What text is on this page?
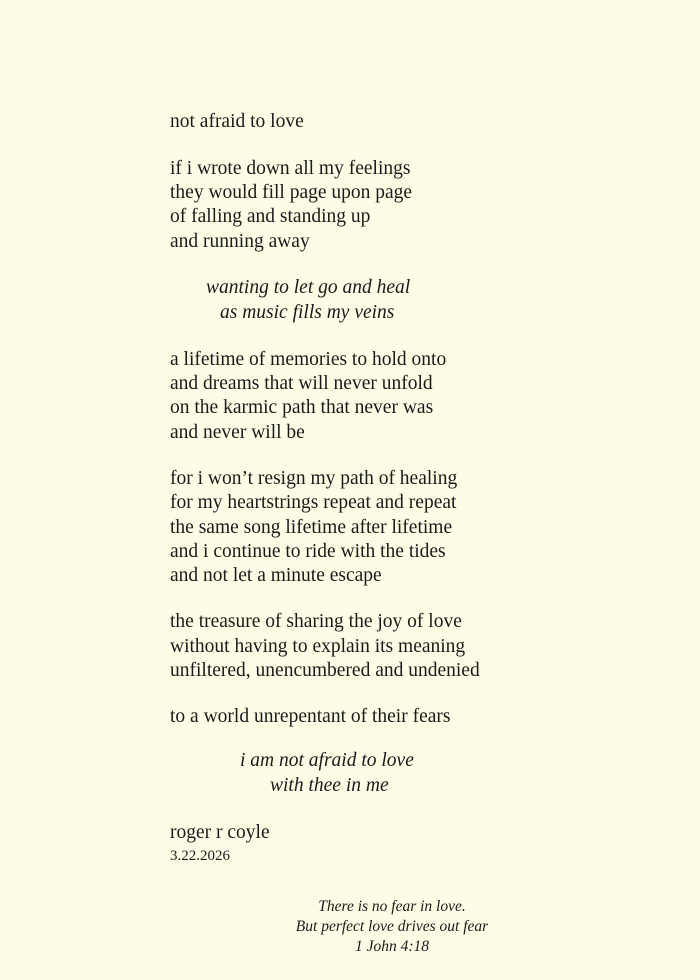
not afraid to love
if i wrote down all my feelings
they would fill page upon page
of falling and standing up
and running away
wanting to let go and heal
as music fills my veins
a lifetime of memories to hold onto
and dreams that will never unfold
on the karmic path that never was
and never will be
for i won’t resign my path of healing
for my heartstrings repeat and repeat
the same song lifetime after lifetime
and i continue to ride with the tides
and not let a minute escape
the treasure of sharing the joy of love
without having to explain its meaning
unfiltered, unencumbered and undenied
to a world unrepentant of their fears
i am not afraid to love
with thee in me
roger r coyle
3.22.2026
There is no fear in love.
But perfect love drives out fear
1 John 4:18
